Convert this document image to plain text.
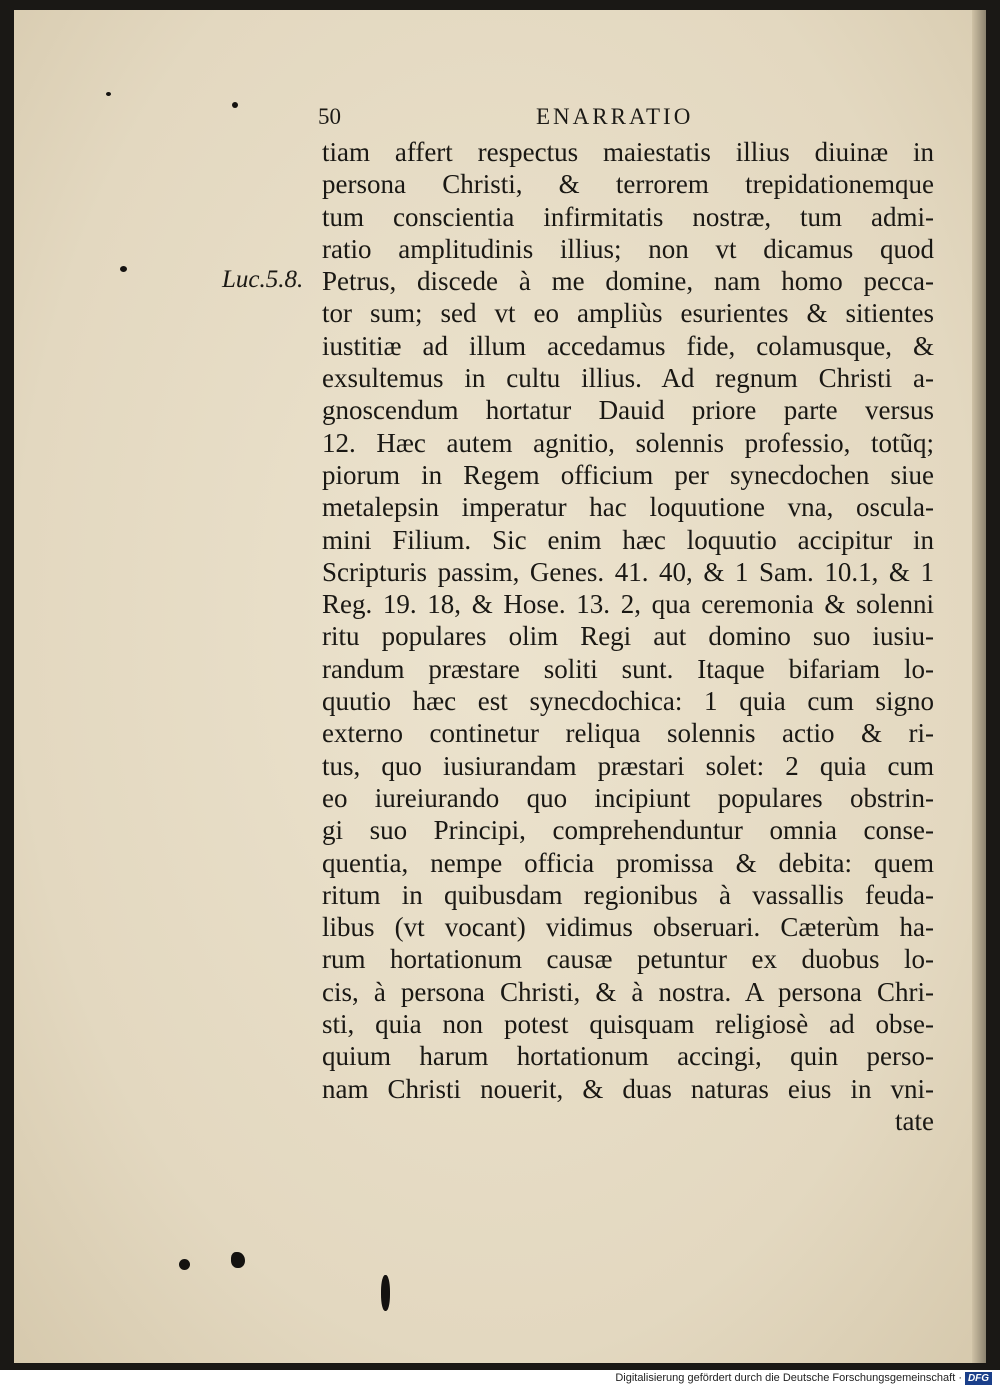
50	ENARRATIO
Luc.5.8.
tiam affert respectus maiestatis illius diuinæ in
persona Christi, & terrorem trepidationemque
tum conscientia infirmitatis nostræ, tum admi-
ratio amplitudinis illius; non vt dicamus quod
Petrus, discede à me domine, nam homo pecca-
tor sum; sed vt eo ampliùs esurientes & sitientes
iustitiæ ad illum accedamus fide, colamusque, &
exsultemus in cultu illius. Ad regnum Christi a-
gnoscendum hortatur Dauid priore parte versus
12. Hæc autem agnitio, solennis professio, totũq;
piorum in Regem officium per synecdochen siue
metalepsin imperatur hac loquutione vna, oscula-
mini Filium. Sic enim hæc loquutio accipitur in
Scripturis passim, Genes. 41. 40, & 1 Sam. 10.1, & 1
Reg. 19. 18, & Hose. 13. 2, qua ceremonia & solenni
ritu populares olim Regi aut domino suo iusiu-
randum præstare soliti sunt. Itaque bifariam lo-
quutio hæc est synecdochica: 1 quia cum signo
externo continetur reliqua solennis actio & ri-
tus, quo iusiurandam præstari solet: 2 quia cum
eo iureiurando quo incipiunt populares obstrin-
gi suo Principi, comprehenduntur omnia conse-
quentia, nempe officia promissa & debita: quem
ritum in quibusdam regionibus à vassallis feuda-
libus (vt vocant) vidimus obseruari. Cæterùm ha-
rum hortationum causæ petuntur ex duobus lo-
cis, à persona Christi, & à nostra. A persona Chri-
sti, quia non potest quisquam religiosè ad obse-
quium harum hortationum accingi, quin perso-
nam Christi nouerit, & duas naturas eius in vni-
tate
Digitalisierung gefördert durch die Deutsche Forschungsgemeinschaft · DFG
